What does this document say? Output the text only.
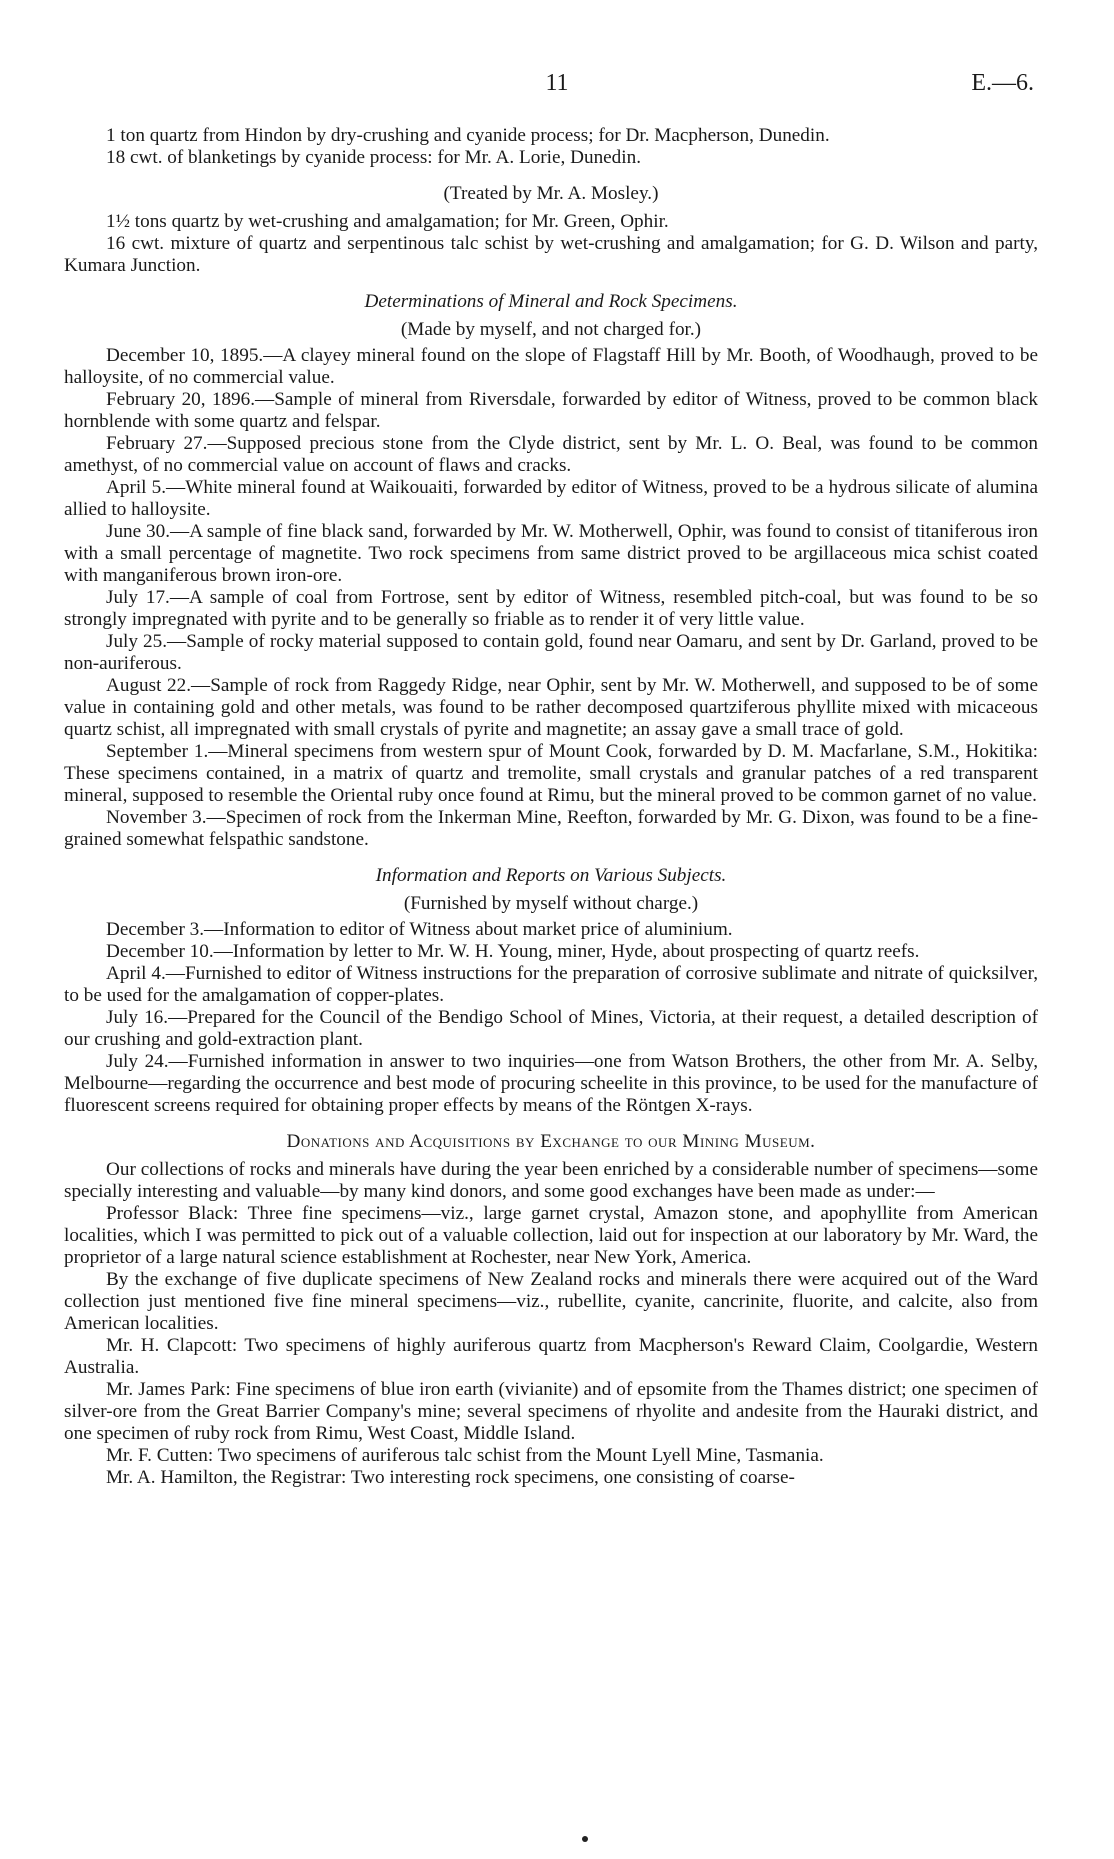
11	E.—6.

1 ton quartz from Hindon by dry-crushing and cyanide process; for Dr. Macpherson, Dunedin.

18 cwt. of blanketings by cyanide process: for Mr. A. Lorie, Dunedin.

(Treated by Mr. A. Mosley.)

1½ tons quartz by wet-crushing and amalgamation; for Mr. Green, Ophir.

16 cwt. mixture of quartz and serpentinous talc schist by wet-crushing and amalgamation; for G. D. Wilson and party, Kumara Junction.

Determinations of Mineral and Rock Specimens.

(Made by myself, and not charged for.)

December 10, 1895.—A clayey mineral found on the slope of Flagstaff Hill by Mr. Booth, of Woodhaugh, proved to be halloysite, of no commercial value.

February 20, 1896.—Sample of mineral from Riversdale, forwarded by editor of Witness, proved to be common black hornblende with some quartz and felspar.

February 27.—Supposed precious stone from the Clyde district, sent by Mr. L. O. Beal, was found to be common amethyst, of no commercial value on account of flaws and cracks.

April 5.—White mineral found at Waikouaiti, forwarded by editor of Witness, proved to be a hydrous silicate of alumina allied to halloysite.

June 30.—A sample of fine black sand, forwarded by Mr. W. Motherwell, Ophir, was found to consist of titaniferous iron with a small percentage of magnetite. Two rock specimens from same district proved to be argillaceous mica schist coated with manganiferous brown iron-ore.

July 17.—A sample of coal from Fortrose, sent by editor of Witness, resembled pitch-coal, but was found to be so strongly impregnated with pyrite and to be generally so friable as to render it of very little value.

July 25.—Sample of rocky material supposed to contain gold, found near Oamaru, and sent by Dr. Garland, proved to be non-auriferous.

August 22.—Sample of rock from Raggedy Ridge, near Ophir, sent by Mr. W. Motherwell, and supposed to be of some value in containing gold and other metals, was found to be rather decomposed quartziferous phyllite mixed with micaceous quartz schist, all impregnated with small crystals of pyrite and magnetite; an assay gave a small trace of gold.

September 1.—Mineral specimens from western spur of Mount Cook, forwarded by D. M. Macfarlane, S.M., Hokitika: These specimens contained, in a matrix of quartz and tremolite, small crystals and granular patches of a red transparent mineral, supposed to resemble the Oriental ruby once found at Rimu, but the mineral proved to be common garnet of no value.

November 3.—Specimen of rock from the Inkerman Mine, Reefton, forwarded by Mr. G. Dixon, was found to be a fine-grained somewhat felspathic sandstone.

Information and Reports on Various Subjects.

(Furnished by myself without charge.)

December 3.—Information to editor of Witness about market price of aluminium.

December 10.—Information by letter to Mr. W. H. Young, miner, Hyde, about prospecting of quartz reefs.

April 4.—Furnished to editor of Witness instructions for the preparation of corrosive sublimate and nitrate of quicksilver, to be used for the amalgamation of copper-plates.

July 16.—Prepared for the Council of the Bendigo School of Mines, Victoria, at their request, a detailed description of our crushing and gold-extraction plant.

July 24.—Furnished information in answer to two inquiries—one from Watson Brothers, the other from Mr. A. Selby, Melbourne—regarding the occurrence and best mode of procuring scheelite in this province, to be used for the manufacture of fluorescent screens required for obtaining proper effects by means of the Röntgen X-rays.

Donations and Acquisitions by Exchange to our Mining Museum.

Our collections of rocks and minerals have during the year been enriched by a considerable number of specimens—some specially interesting and valuable—by many kind donors, and some good exchanges have been made as under:—

Professor Black: Three fine specimens—viz., large garnet crystal, Amazon stone, and apophyllite from American localities, which I was permitted to pick out of a valuable collection, laid out for inspection at our laboratory by Mr. Ward, the proprietor of a large natural science establishment at Rochester, near New York, America.

By the exchange of five duplicate specimens of New Zealand rocks and minerals there were acquired out of the Ward collection just mentioned five fine mineral specimens—viz., rubellite, cyanite, cancrinite, fluorite, and calcite, also from American localities.

Mr. H. Clapcott: Two specimens of highly auriferous quartz from Macpherson's Reward Claim, Coolgardie, Western Australia.

Mr. James Park: Fine specimens of blue iron earth (vivianite) and of epsomite from the Thames district; one specimen of silver-ore from the Great Barrier Company's mine; several specimens of rhyolite and andesite from the Hauraki district, and one specimen of ruby rock from Rimu, West Coast, Middle Island.

Mr. F. Cutten: Two specimens of auriferous talc schist from the Mount Lyell Mine, Tasmania.

Mr. A. Hamilton, the Registrar: Two interesting rock specimens, one consisting of coarse-
